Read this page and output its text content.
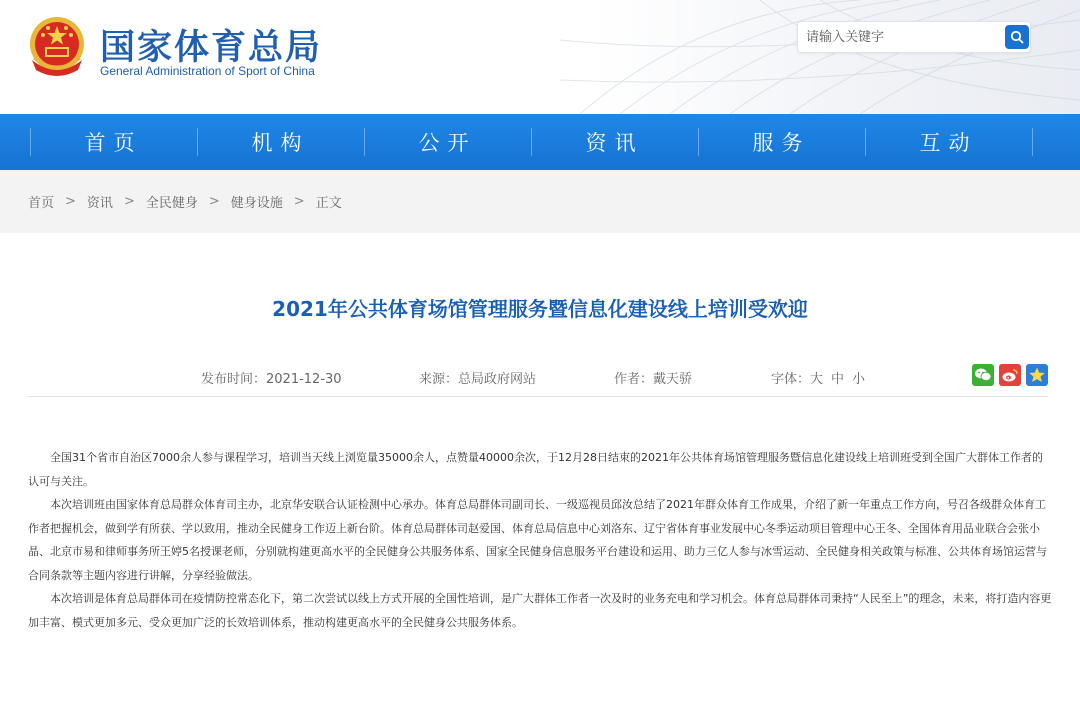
国家体育总局
General Administration of Sport of China
请输入关键字
首页	机构	公开	资讯	服务	互动
首页 > 资讯 > 全民健身 > 健身设施 > 正文
2021年公共体育场馆管理服务暨信息化建设线上培训受欢迎
发布时间：2021-12-30	来源：总局政府网站	作者：戴天骄	字体：大 中 小

全国31个省市自治区7000余人参与课程学习，培训当天线上浏览量35000余人，点赞量40000余次，于12月28日结束的2021年公共体育场馆管理服务暨信息化建设线上培训班受到全国广大群体工作者的认可与关注。

本次培训班由国家体育总局群众体育司主办，北京华安联合认证检测中心承办。体育总局群体司副司长、一级巡视员邱汝总结了2021年群众体育工作成果，介绍了新一年重点工作方向，号召各级群众体育工作者把握机会，做到学有所获、学以致用，推动全民健身工作迈上新台阶。体育总局群体司赵爱国、体育总局信息中心刘洛东、辽宁省体育事业发展中心冬季运动项目管理中心王冬、全国体育用品业联合会张小晶、北京市易和律师事务所王婷5名授课老师，分别就构建更高水平的全民健身公共服务体系、国家全民健身信息服务平台建设和运用、助力三亿人参与冰雪运动、全民健身相关政策与标准、公共体育场馆运营与合同条款等主题内容进行讲解，分享经验做法。

本次培训是体育总局群体司在疫情防控常态化下，第二次尝试以线上方式开展的全国性培训，是广大群体工作者一次及时的业务充电和学习机会。体育总局群体司秉持“人民至上”的理念，未来，将打造内容更加丰富、模式更加多元、受众更加广泛的长效培训体系，推动构建更高水平的全民健身公共服务体系。
